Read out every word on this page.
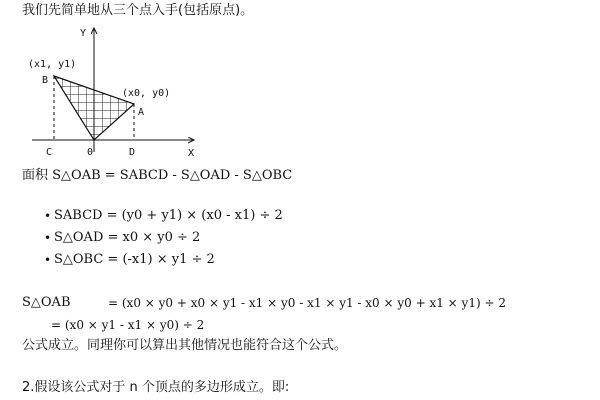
我们先简单地从三个点入手(包括原点)。
Y
X
0
B
A
C	D
(x1, y1)
(x0, y0)
面积 S△OAB = SABCD - S△OAD - S△OBC
• SABCD = (y0 + y1) × (x0 - x1) ÷ 2
• S△OAD = x0 × y0 ÷ 2
• S△OBC = (-x1) × y1 ÷ 2
S△OAB	= (x0 × y0 + x0 × y1 - x1 × y0 - x1 × y1 - x0 × y0 + x1 × y1) ÷ 2
= (x0 × y1 - x1 × y0) ÷ 2
公式成立。同理你可以算出其他情况也能符合这个公式。
2.假设该公式对于 n 个顶点的多边形成立。即:
